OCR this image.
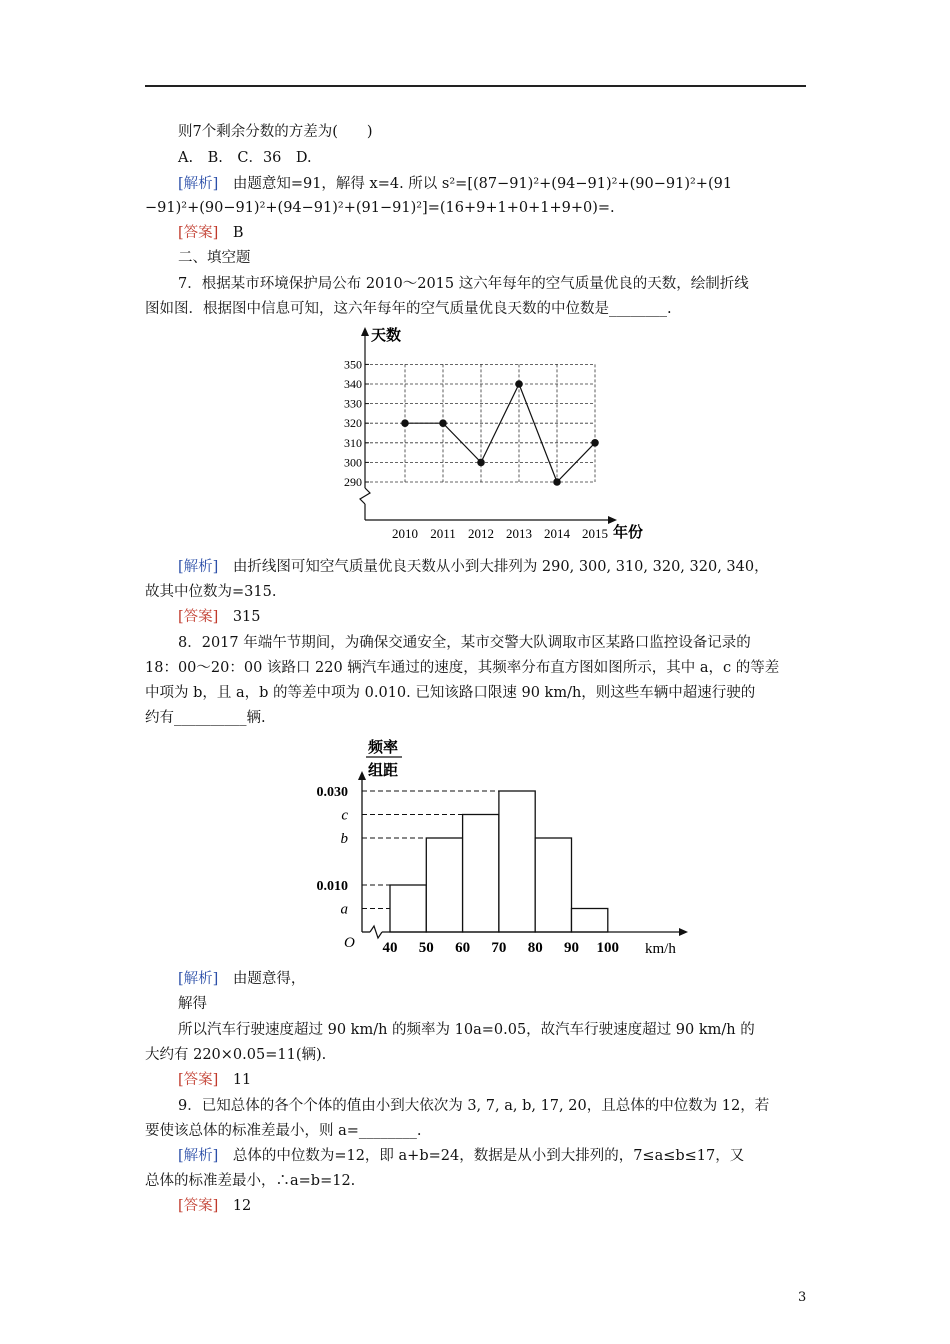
则7个剩余分数的方差为(　　)
A.　B.　C．36　D.
[解析]　由题意知=91，解得 x=4. 所以 s²=[(87−91)²+(94−91)²+(90−91)²+(91
−91)²+(90−91)²+(94−91)²+(91−91)²]=(16+9+1+0+1+9+0)=.
[答案]　B
二、填空题
7．根据某市环境保护局公布 2010～2015 这六年每年的空气质量优良的天数，绘制折线
图如图．根据图中信息可知，这六年每年的空气质量优良天数的中位数是________.
290
300
310
320
330
340
350
2010 2011 2012 2013 2014 2015
天数
年份
[解析]　由折线图可知空气质量优良天数从小到大排列为 290, 300, 310, 320, 320, 340，
故其中位数为=315.
[答案]　315
8．2017 年端午节期间，为确保交通安全，某市交警大队调取市区某路口监控设备记录的
18：00～20：00 该路口 220 辆汽车通过的速度，其频率分布直方图如图所示，其中 a，c 的等差
中项为 b，且 a，b 的等差中项为 0.010. 已知该路口限速 90 km/h，则这些车辆中超速行驶的
约有__________辆.
0.030
c
b
0.010
a
40 50 60 70 80 90 100
频率
组距
O	km/h
[解析]　由题意得，
解得
所以汽车行驶速度超过 90 km/h 的频率为 10a=0.05，故汽车行驶速度超过 90 km/h 的
大约有 220×0.05=11(辆).
[答案]　11
9．已知总体的各个个体的值由小到大依次为 3, 7, a, b, 17, 20，且总体的中位数为 12，若
要使该总体的标准差最小，则 a=________.
[解析]　总体的中位数为=12，即 a+b=24，数据是从小到大排列的，7≤a≤b≤17，又
总体的标准差最小，∴a=b=12.
[答案]　12
3
